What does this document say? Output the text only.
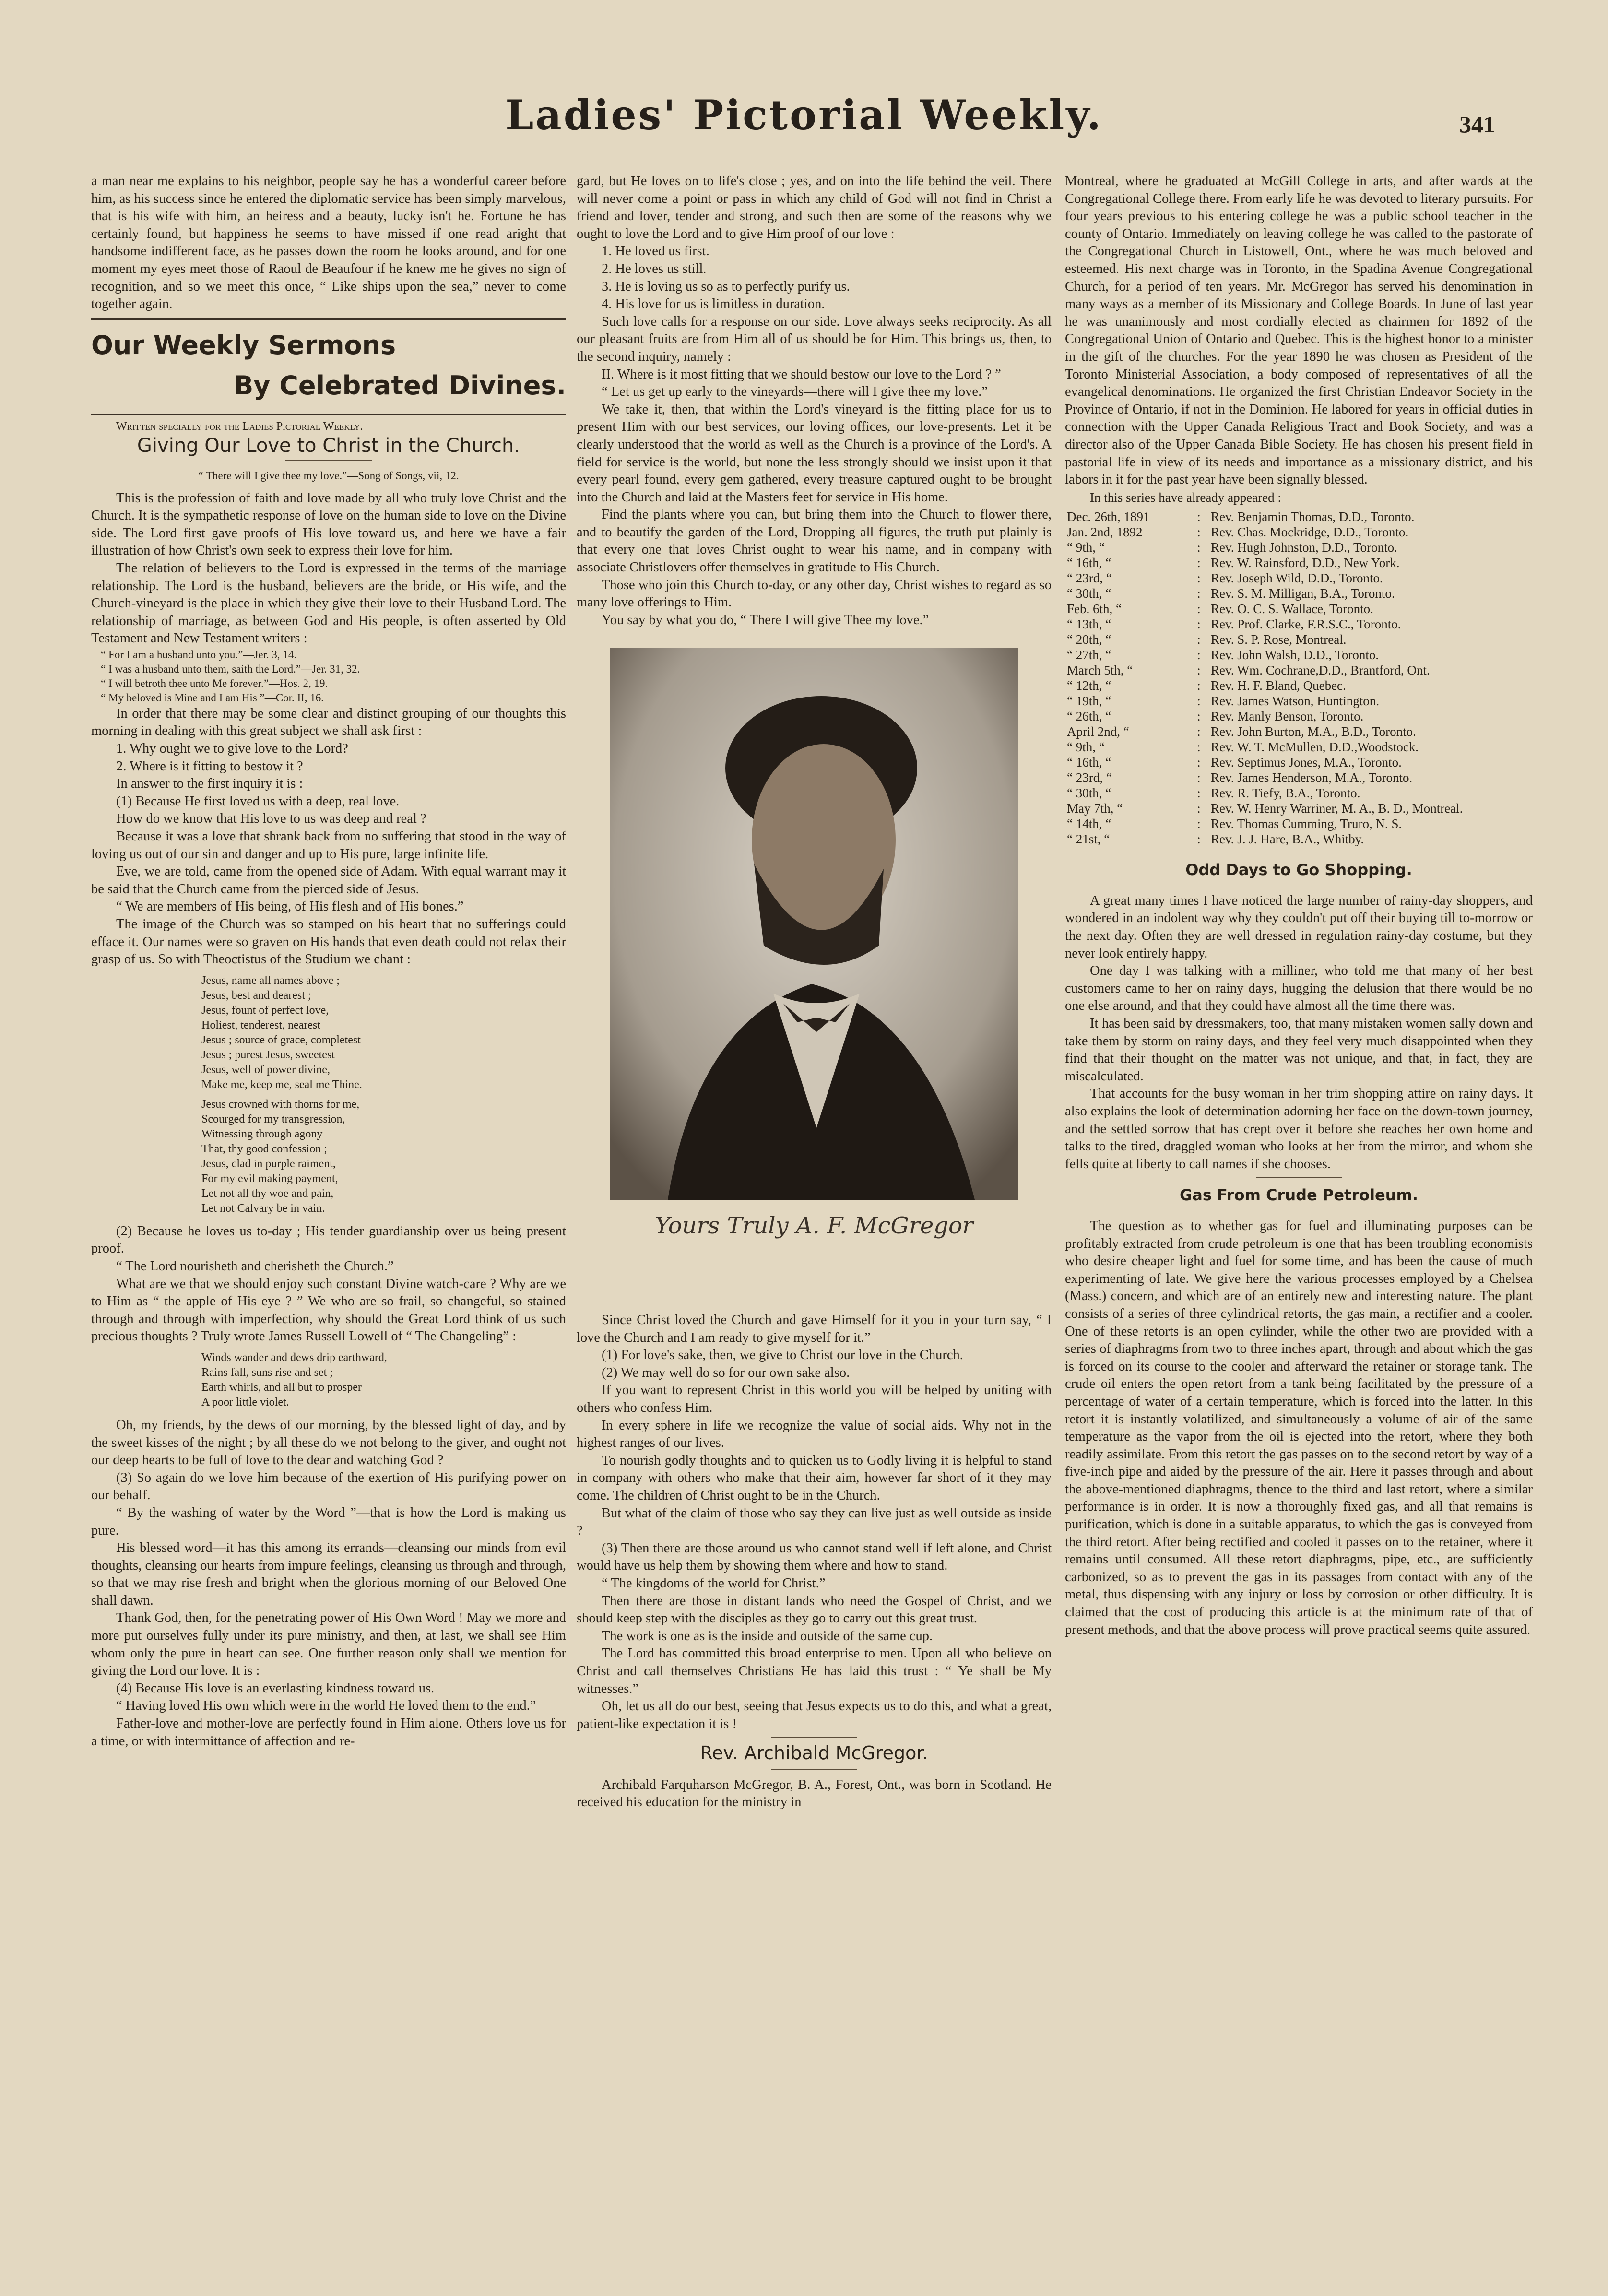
Ladies' Pictorial Weekly.	341

a man near me explains to his neighbor, people say he has a wonderful career before him, as his success since he entered the diplomatic service has been simply marvelous, that is his wife with him, an heiress and a beauty, lucky isn't he. Fortune he has certainly found, but happiness he seems to have missed if one read aright that handsome indifferent face, as he passes down the room he looks around, and for one moment my eyes meet those of Raoul de Beaufour if he knew me he gives no sign of recognition, and so we meet this once, “ Like ships upon the sea,” never to come together again.

Our Weekly Sermons
By Celebrated Divines.

Written specially for the Ladies Pictorial Weekly.

Giving Our Love to Christ in the Church.
“ There will I give thee my love.”—Song of Songs, vii, 12.

This is the profession of faith and love made by all who truly love Christ and the Church. It is the sympathetic response of love on the human side to love on the Divine side. The Lord first gave proofs of His love toward us, and here we have a fair illustration of how Christ's own seek to express their love for him.

The relation of believers to the Lord is expressed in the terms of the marriage relationship. The Lord is the husband, believers are the bride, or His wife, and the Church-vineyard is the place in which they give their love to their Husband Lord. The relationship of marriage, as between God and His people, is often asserted by Old Testament and New Testament writers :

“ For I am a husband unto you.”—Jer. 3, 14.
“ I was a husband unto them, saith the Lord.”—Jer. 31, 32.
“ I will betroth thee unto Me forever.”—Hos. 2, 19.
“ My beloved is Mine and I am His ”—Cor. II, 16.

In order that there may be some clear and distinct grouping of our thoughts this morning in dealing with this great subject we shall ask first :

1. Why ought we to give love to the Lord?

2. Where is it fitting to bestow it ?

In answer to the first inquiry it is :

(1) Because He first loved us with a deep, real love.

How do we know that His love to us was deep and real ?

Because it was a love that shrank back from no suffering that stood in the way of loving us out of our sin and danger and up to His pure, large infinite life.

Eve, we are told, came from the opened side of Adam. With equal warrant may it be said that the Church came from the pierced side of Jesus.

“ We are members of His being, of His flesh and of His bones.”

The image of the Church was so stamped on his heart that no sufferings could efface it. Our names were so graven on His hands that even death could not relax their grasp of us. So with Theoctistus of the Studium we chant :

Jesus, name all names above ;
Jesus, best and dearest ;
Jesus, fount of perfect love,
Holiest, tenderest, nearest
Jesus ; source of grace, completest
Jesus ; purest Jesus, sweetest
Jesus, well of power divine,
Make me, keep me, seal me Thine.
Jesus crowned with thorns for me,
Scourged for my transgression,
Witnessing through agony
That, thy good confession ;
Jesus, clad in purple raiment,
For my evil making payment,
Let not all thy woe and pain,
Let not Calvary be in vain.

(2) Because he loves us to-day ; His tender guardianship over us being present proof.

“ The Lord nourisheth and cherisheth the Church.”

What are we that we should enjoy such constant Divine watch-care ? Why are we to Him as “ the apple of His eye ? ” We who are so frail, so changeful, so stained through and through with imperfection, why should the Great Lord think of us such precious thoughts ? Truly wrote James Russell Lowell of “ The Changeling” :

Winds wander and dews drip earthward,
Rains fall, suns rise and set ;
Earth whirls, and all but to prosper
A poor little violet.

Oh, my friends, by the dews of our morning, by the blessed light of day, and by the sweet kisses of the night ; by all these do we not belong to the giver, and ought not our deep hearts to be full of love to the dear and watching God ?

(3) So again do we love him because of the exertion of His purifying power on our behalf.

“ By the washing of water by the Word ”—that is how the Lord is making us pure.

His blessed word—it has this among its errands—cleansing our minds from evil thoughts, cleansing our hearts from impure feelings, cleansing us through and through, so that we may rise fresh and bright when the glorious morning of our Beloved One shall dawn.

Thank God, then, for the penetrating power of His Own Word ! May we more and more put ourselves fully under its pure ministry, and then, at last, we shall see Him whom only the pure in heart can see. One further reason only shall we mention for giving the Lord our love. It is :

(4) Because His love is an everlasting kindness toward us.

“ Having loved His own which were in the world He loved them to the end.”

Father-love and mother-love are perfectly found in Him alone. Others love us for a time, or with intermittance of affection and re-

gard, but He loves on to life's close ; yes, and on into the life behind the veil. There will never come a point or pass in which any child of God will not find in Christ a friend and lover, tender and strong, and such then are some of the reasons why we ought to love the Lord and to give Him proof of our love :

1. He loved us first.

2. He loves us still.

3. He is loving us so as to perfectly purify us.

4. His love for us is limitless in duration.

Such love calls for a response on our side. Love always seeks reciprocity. As all our pleasant fruits are from Him all of us should be for Him. This brings us, then, to the second inquiry, namely :

II. Where is it most fitting that we should bestow our love to the Lord ? ”

“ Let us get up early to the vineyards—there will I give thee my love.”

We take it, then, that within the Lord's vineyard is the fitting place for us to present Him with our best services, our loving offices, our love-presents. Let it be clearly understood that the world as well as the Church is a province of the Lord's. A field for service is the world, but none the less strongly should we insist upon it that every pearl found, every gem gathered, every treasure captured ought to be brought into the Church and laid at the Masters feet for service in His home.

Find the plants where you can, but bring them into the Church to flower there, and to beautify the garden of the Lord, Dropping all figures, the truth put plainly is that every one that loves Christ ought to wear his name, and in company with associate Christlovers offer themselves in gratitude to His Church.

Those who join this Church to-day, or any other day, Christ wishes to regard as so many love offerings to Him.

You say by what you do, “ There I will give Thee my love.”

Yours Truly A. F. McGregor

Since Christ loved the Church and gave Himself for it you in your turn say, “ I love the Church and I am ready to give myself for it.”

(1) For love's sake, then, we give to Christ our love in the Church.

(2) We may well do so for our own sake also.

If you want to represent Christ in this world you will be helped by uniting with others who confess Him.

In every sphere in life we recognize the value of social aids. Why not in the highest ranges of our lives.

To nourish godly thoughts and to quicken us to Godly living it is helpful to stand in company with others who make that their aim, however far short of it they may come. The children of Christ ought to be in the Church.

But what of the claim of those who say they can live just as well outside as inside ?

(3) Then there are those around us who cannot stand well if left alone, and Christ would have us help them by showing them where and how to stand.

“ The kingdoms of the world for Christ.”

Then there are those in distant lands who need the Gospel of Christ, and we should keep step with the disciples as they go to carry out this great trust.

The work is one as is the inside and outside of the same cup.

The Lord has committed this broad enterprise to men. Upon all who believe on Christ and call themselves Christians He has laid this trust : “ Ye shall be My witnesses.”

Oh, let us all do our best, seeing that Jesus expects us to do this, and what a great, patient-like expectation it is !

Rev. Archibald McGregor.

Archibald Farquharson McGregor, B. A., Forest, Ont., was born in Scotland. He received his education for the ministry in

Montreal, where he graduated at McGill College in arts, and after wards at the Congregational College there. From early life he was devoted to literary pursuits. For four years previous to his entering college he was a public school teacher in the county of Ontario. Immediately on leaving college he was called to the pastorate of the Congregational Church in Listowell, Ont., where he was much beloved and esteemed. His next charge was in Toronto, in the Spadina Avenue Congregational Church, for a period of ten years. Mr. McGregor has served his denomination in many ways as a member of its Missionary and College Boards. In June of last year he was unanimously and most cordially elected as chairmen for 1892 of the Congregational Union of Ontario and Quebec. This is the highest honor to a minister in the gift of the churches. For the year 1890 he was chosen as President of the Toronto Ministerial Association, a body composed of representatives of all the evangelical denominations. He organized the first Christian Endeavor Society in the Province of Ontario, if not in the Dominion. He labored for years in official duties in connection with the Upper Canada Religious Tract and Book Society, and was a director also of the Upper Canada Bible Society. He has chosen his present field in pastorial life in view of its needs and importance as a missionary district, and his labors in it for the past year have been signally blessed.

In this series have already appeared :

Dec. 26th, 1891	:	Rev. Benjamin Thomas, D.D., Toronto.
Jan. 2nd, 1892	:	Rev. Chas. Mockridge, D.D., Toronto.
“ 9th, “	:	Rev. Hugh Johnston, D.D., Toronto.
“ 16th, “	:	Rev. W. Rainsford, D.D., New York.
“ 23rd, “	:	Rev. Joseph Wild, D.D., Toronto.
“ 30th, “	:	Rev. S. M. Milligan, B.A., Toronto.
Feb. 6th, “	:	Rev. O. C. S. Wallace, Toronto.
“ 13th, “	:	Rev. Prof. Clarke, F.R.S.C., Toronto.
“ 20th, “	:	Rev. S. P. Rose, Montreal.
“ 27th, “	:	Rev. John Walsh, D.D., Toronto.
March 5th, “	:	Rev. Wm. Cochrane,D.D., Brantford, Ont.
“ 12th, “	:	Rev. H. F. Bland, Quebec.
“ 19th, “	:	Rev. James Watson, Huntington.
“ 26th, “	:	Rev. Manly Benson, Toronto.
April 2nd, “	:	Rev. John Burton, M.A., B.D., Toronto.
“ 9th, “	:	Rev. W. T. McMullen, D.D.,Woodstock.
“ 16th, “	:	Rev. Septimus Jones, M.A., Toronto.
“ 23rd, “	:	Rev. James Henderson, M.A., Toronto.
“ 30th, “	:	Rev. R. Tiefy, B.A., Toronto.
May 7th, “	:	Rev. W. Henry Warriner, M. A., B. D., Montreal.
“ 14th, “	:	Rev. Thomas Cumming, Truro, N. S.
“ 21st, “	:	Rev. J. J. Hare, B.A., Whitby.
Odd Days to Go Shopping.

A great many times I have noticed the large number of rainy-day shoppers, and wondered in an indolent way why they couldn't put off their buying till to-morrow or the next day. Often they are well dressed in regulation rainy-day costume, but they never look entirely happy.

One day I was talking with a milliner, who told me that many of her best customers came to her on rainy days, hugging the delusion that there would be no one else around, and that they could have almost all the time there was.

It has been said by dressmakers, too, that many mistaken women sally down and take them by storm on rainy days, and they feel very much disappointed when they find that their thought on the matter was not unique, and that, in fact, they are miscalculated.

That accounts for the busy woman in her trim shopping attire on rainy days. It also explains the look of determination adorning her face on the down-town journey, and the settled sorrow that has crept over it before she reaches her own home and talks to the tired, draggled woman who looks at her from the mirror, and whom she fells quite at liberty to call names if she chooses.

Gas From Crude Petroleum.

The question as to whether gas for fuel and illuminating purposes can be profitably extracted from crude petroleum is one that has been troubling economists who desire cheaper light and fuel for some time, and has been the cause of much experimenting of late. We give here the various processes employed by a Chelsea (Mass.) concern, and which are of an entirely new and interesting nature. The plant consists of a series of three cylindrical retorts, the gas main, a rectifier and a cooler. One of these retorts is an open cylinder, while the other two are provided with a series of diaphragms from two to three inches apart, through and about which the gas is forced on its course to the cooler and afterward the retainer or storage tank. The crude oil enters the open retort from a tank being facilitated by the pressure of a percentage of water of a certain temperature, which is forced into the latter. In this retort it is instantly volatilized, and simultaneously a volume of air of the same temperature as the vapor from the oil is ejected into the retort, where they both readily assimilate. From this retort the gas passes on to the second retort by way of a five-inch pipe and aided by the pressure of the air. Here it passes through and about the above-mentioned diaphragms, thence to the third and last retort, where a similar performance is in order. It is now a thoroughly fixed gas, and all that remains is purification, which is done in a suitable apparatus, to which the gas is conveyed from the third retort. After being rectified and cooled it passes on to the retainer, where it remains until consumed. All these retort diaphragms, pipe, etc., are sufficiently carbonized, so as to prevent the gas in its passages from contact with any of the metal, thus dispensing with any injury or loss by corrosion or other difficulty. It is claimed that the cost of producing this article is at the minimum rate of that of present methods, and that the above process will prove practical seems quite assured.
